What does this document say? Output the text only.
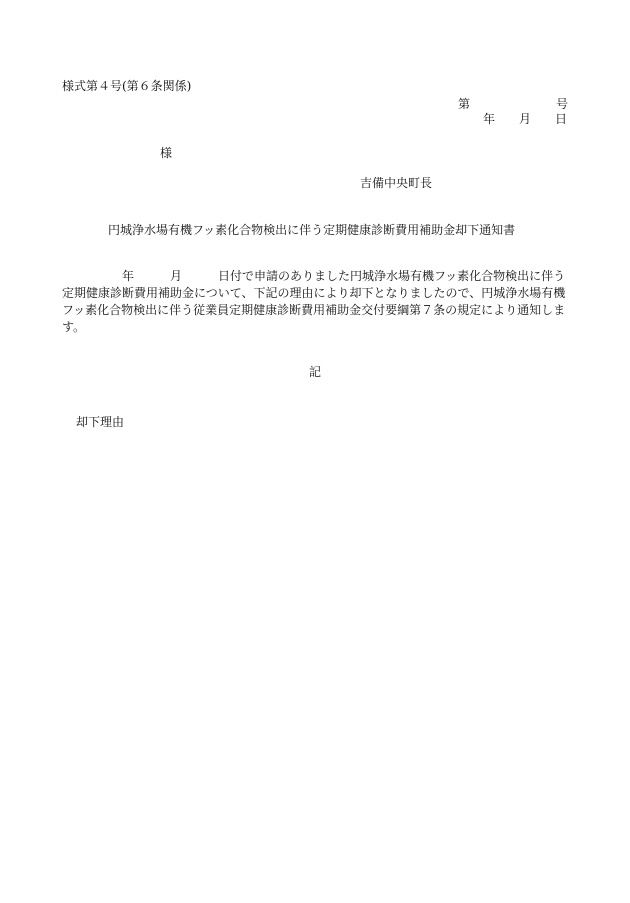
様式第４号(第６条関係)
第	号
年 月 日
様
吉備中央町長
円城浄水場有機フッ素化合物検出に伴う定期健康診断費用補助金却下通知書
　　　　　年　　　月　　　日付で申請のありました円城浄水場有機フッ素化合物検出に伴う定期健康診断費用補助金について、下記の理由により却下となりましたので、円城浄水場有機フッ素化合物検出に伴う従業員定期健康診断費用補助金交付要綱第７条の規定により通知します。
記
却下理由
